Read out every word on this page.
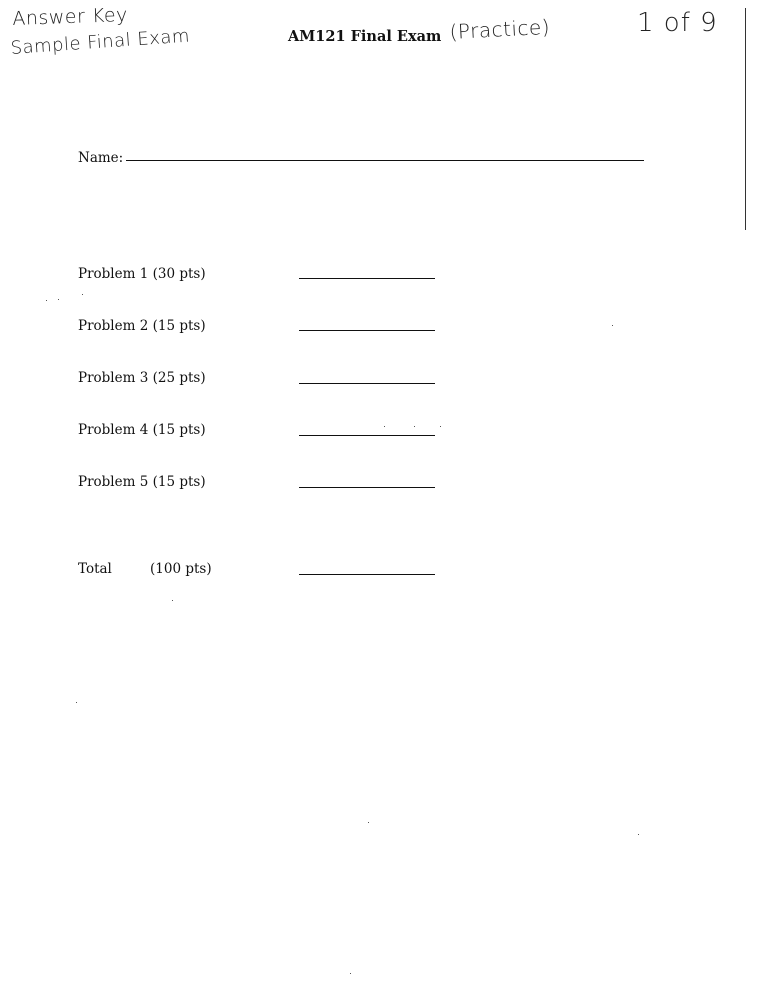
Answer Key
Sample Final Exam	(Practice)	1 of 9
AM121 Final Exam
Name:
Problem 1 (30 pts)
Problem 2 (15 pts)
Problem 3 (25 pts)
Problem 4 (15 pts)
Problem 5 (15 pts)
Total	(100 pts)
